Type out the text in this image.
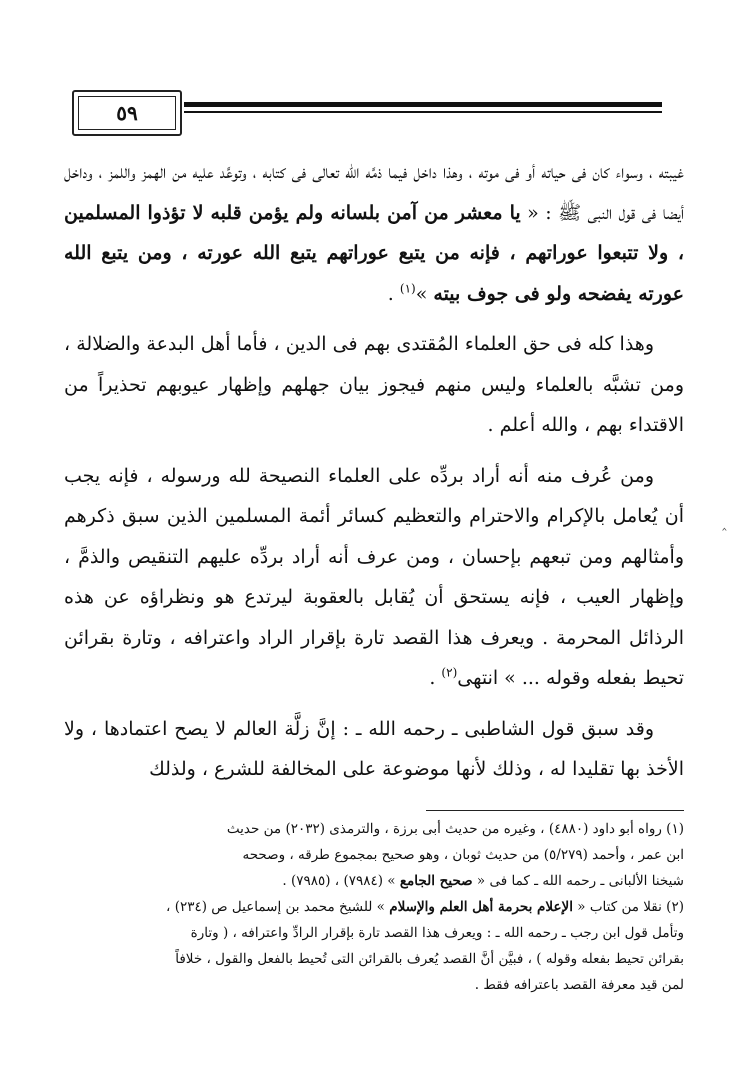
٥٩

غيبته ، وسواء كان فى حياته أو فى موته ، وهذا داخل فيما ذمَّه الله تعالى فى كتابه ، وتوعَّد عليه من الهمز واللمز ، وداخل أيضا فى قول النبى ﷺ : « يا معشر من آمن بلسانه ولم يؤمن قلبه لا تؤذوا المسلمين ، ولا تتبعوا عوراتهم ، فإنه من يتبع عوراتهم يتبع الله عورته ، ومن يتبع الله عورته يفضحه ولو فى جوف بيته »$^{(١)}$ .

وهذا كله فى حق العلماء المُقتدى بهم فى الدين ، فأما أهل البدعة والضلالة ، ومن تشبَّه بالعلماء وليس منهم فيجوز بيان جهلهم وإظهار عيوبهم تحذيراً من الاقتداء بهم ، والله أعلم .

ومن عُرف منه أنه أراد بردِّه على العلماء النصيحة لله ورسوله ، فإنه يجب أن يُعامل بالإكرام والاحترام والتعظيم كسائر أئمة المسلمين الذين سبق ذكرهم وأمثالهم ومن تبعهم بإحسان ، ومن عرف أنه أراد بردِّه عليهم التنقيص والذمَّ ، وإظهار العيب ، فإنه يستحق أن يُقابل بالعقوبة ليرتدع هو ونظراؤه عن هذه الرذائل المحرمة . ويعرف هذا القصد تارة بإقرار الراد واعترافه ، وتارة بقرائن تحيط بفعله وقوله ... » انتهى$^{(٢)}$ .

وقد سبق قول الشاطبى ـ رحمه الله ـ : إنَّ زلَّة العالم لا يصح اعتمادها ، ولا الأخذ بها تقليدا له ، وذلك لأنها موضوعة على المخالفة للشرع ، ولذلك

(١) رواه أبو داود (٤٨٨٠) ، وغيره من حديث أبى برزة ، والترمذى (٢٠٣٢) من حديث

ابن عمر ، وأحمد (٥/٢٧٩) من حديث ثوبان ، وهو صحيح بمجموع طرقه ، وصححه

شيخنا الألبانى ـ رحمه الله ـ كما فى « صحيح الجامع » (٧٩٨٤) ، (٧٩٨٥) .

(٢) نقلا من كتاب « الإعلام بحرمة أهل العلم والإسلام » للشيخ محمد بن إسماعيل ص (٢٣٤) ،

وتأمل قول ابن رجب ـ رحمه الله ـ : ويعرف هذا القصد تارة بإقرار الرادِّ واعترافه ، ( وتارة

بقرائن تحيط بفعله وقوله ) ، فبيَّن أنَّ القصد يُعرف بالقرائن التى تُحيط بالفعل والقول ، خلافاً

لمن قيد معرفة القصد باعترافه فقط .

‸
